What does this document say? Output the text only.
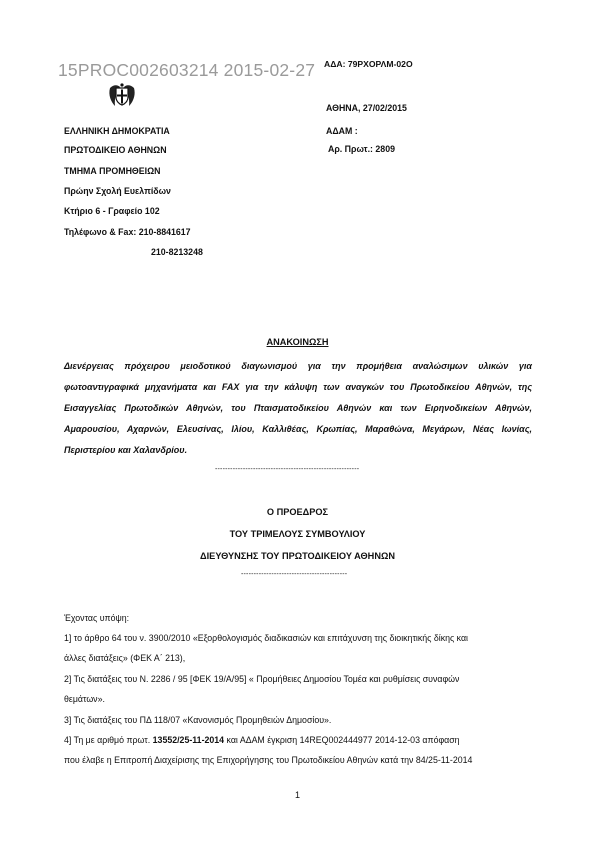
15PROC002603214 2015-02-27 ΑΔΑ: 79ΡΧΟΡΛΜ-02Ο
ΑΘΗΝΑ, 27/02/2015
ΑΔΑΜ :
Αρ. Πρωτ.: 2809
ΕΛΛΗΝΙΚΗ ΔΗΜΟΚΡΑΤΙΑ
ΠΡΩΤΟΔΙΚΕΙΟ ΑΘΗΝΩΝ
ΤΜΗΜΑ ΠΡΟΜΗΘΕΙΩΝ
Πρώην Σχολή Ευελπίδων
Κτήριο 6 - Γραφείο 102
Τηλέφωνο & Fax: 210-8841617
210-8213248
ΑΝΑΚΟΙΝΩΣΗ
Διενέργειας πρόχειρου μειοδοτικού διαγωνισμού για την προμήθεια αναλώσιμων υλικών για φωτοαντιγραφικά μηχανήματα και FAX για την κάλυψη των αναγκών του Πρωτοδικείου Αθηνών, της Εισαγγελίας Πρωτοδικών Αθηνών, του Πταισματοδικείου Αθηνών και των Ειρηνοδικείων Αθηνών, Αμαρουσίου, Αχαρνών, Ελευσίνας, Ιλίου, Καλλιθέας, Κρωπίας, Μαραθώνα, Μεγάρων, Νέας Ιωνίας, Περιστερίου και Χαλανδρίου.
---------------------------------------------------------
Ο ΠΡΟΕΔΡΟΣ
ΤΟΥ ΤΡΙΜΕΛΟΥΣ ΣΥΜΒΟΥΛΙΟΥ
ΔΙΕΥΘΥΝΣΗΣ ΤΟΥ ΠΡΩΤΟΔΙΚΕΙΟΥ ΑΘΗΝΩΝ
------------------------------------------
Έχοντας υπόψη:
1] το άρθρο 64 του ν. 3900/2010 «Εξορθολογισμός διαδικασιών και επιτάχυνση της διοικητικής δίκης και
άλλες διατάξεις» (ΦΕΚ Α΄ 213),
2] Τις διατάξεις του Ν. 2286 / 95 [ΦΕΚ 19/Α/95] « Προμήθειες Δημοσίου Τομέα και ρυθμίσεις συναφών
θεμάτων».
3] Τις διατάξεις του ΠΔ 118/07 «Κανονισμός Προμηθειών Δημοσίου».
4] Τη με αριθμό πρωτ. 13552/25-11-2014 και ΑΔΑΜ έγκριση 14REQ002444977 2014-12-03 απόφαση
που έλαβε η Επιτροπή Διαχείρισης της Επιχορήγησης του Πρωτοδικείου Αθηνών κατά την 84/25-11-2014
1
